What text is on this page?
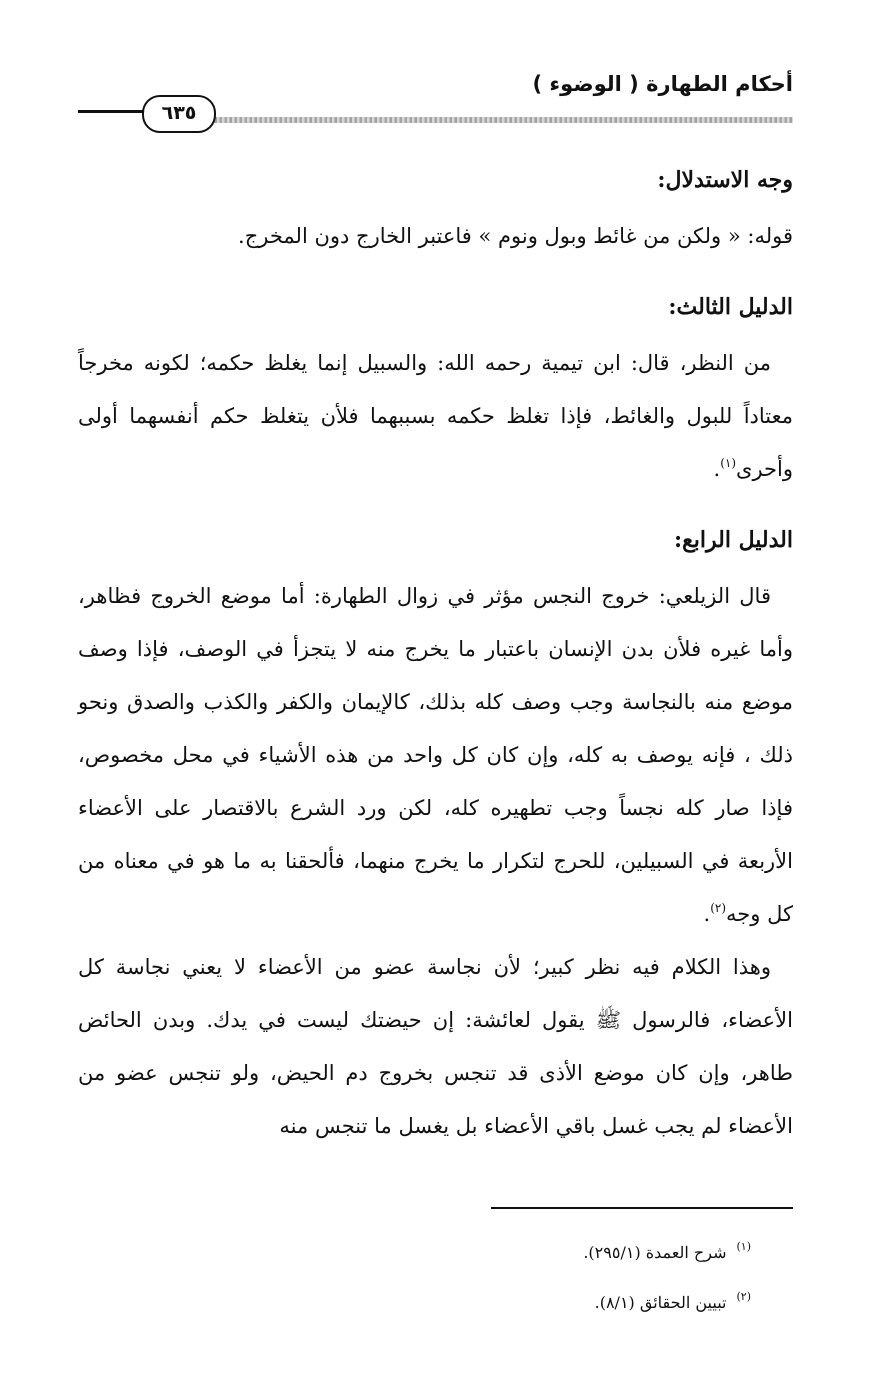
أحكام الطهارة ( الوضوء )
٦٣٥

وجه الاستدلال:

قوله: « ولكن من غائط وبول ونوم » فاعتبر الخارج دون المخرج.

الدليل الثالث:

من النظر، قال: ابن تيمية رحمه الله: والسبيل إنما يغلظ حكمه؛ لكونه مخرجاً معتاداً للبول والغائط، فإذا تغلظ حكمه بسببهما فلأن يتغلظ حكم أنفسهما أولى وأحرى$^{(١)}$.

الدليل الرابع:

قال الزيلعي: خروج النجس مؤثر في زوال الطهارة: أما موضع الخروج فظاهر، وأما غيره فلأن بدن الإنسان باعتبار ما يخرج منه لا يتجزأ في الوصف، فإذا وصف موضع منه بالنجاسة وجب وصف كله بذلك، كالإيمان والكفر والكذب والصدق ونحو ذلك ، فإنه يوصف به كله، وإن كان كل واحد من هذه الأشياء في محل مخصوص، فإذا صار كله نجساً وجب تطهيره كله، لكن ورد الشرع بالاقتصار على الأعضاء الأربعة في السبيلين، للحرج لتكرار ما يخرج منهما، فألحقنا به ما هو في معناه من كل وجه$^{(٢)}$.

وهذا الكلام فيه نظر كبير؛ لأن نجاسة عضو من الأعضاء لا يعني نجاسة كل الأعضاء، فالرسول ﷺ يقول لعائشة: إن حيضتك ليست في يدك. وبدن الحائض طاهر، وإن كان موضع الأذى قد تنجس بخروج دم الحيض، ولو تنجس عضو من الأعضاء لم يجب غسل باقي الأعضاء بل يغسل ما تنجس منه

$^{(١)}$شرح العمدة (٢٩٥/١).

$^{(٢)}$تبيين الحقائق (٨/١).
